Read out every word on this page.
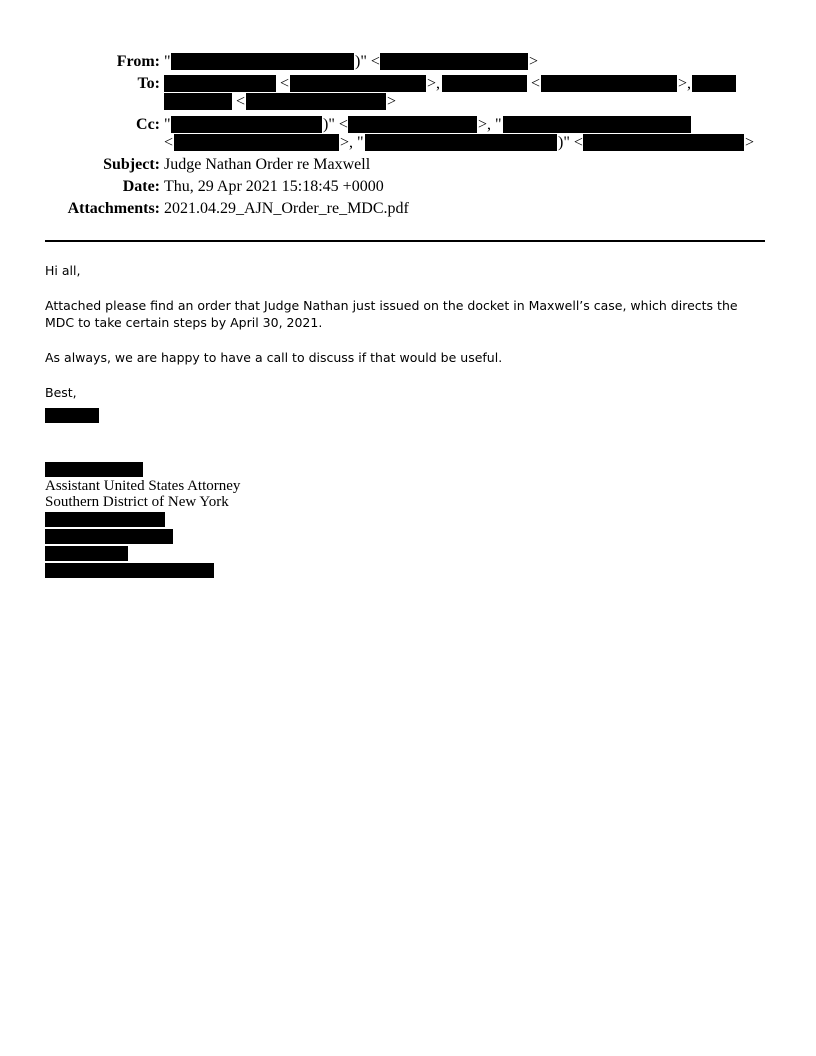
From: "	)" <	>
To:	<	>,	<	>,
<	>
Cc: "	)" <	>, "
<	>, "	)" <	>
Subject: Judge Nathan Order re Maxwell
Date: Thu, 29 Apr 2021 15:18:45 +0000
Attachments: 2021.04.29_AJN_Order_re_MDC.pdf

Hi all,

Attached please find an order that Judge Nathan just issued on the docket in Maxwell’s case, which directs the MDC to take certain steps by April 30, 2021.

As always, we are happy to have a call to discuss if that would be useful.

Best,

Assistant United States Attorney
Southern District of New York
